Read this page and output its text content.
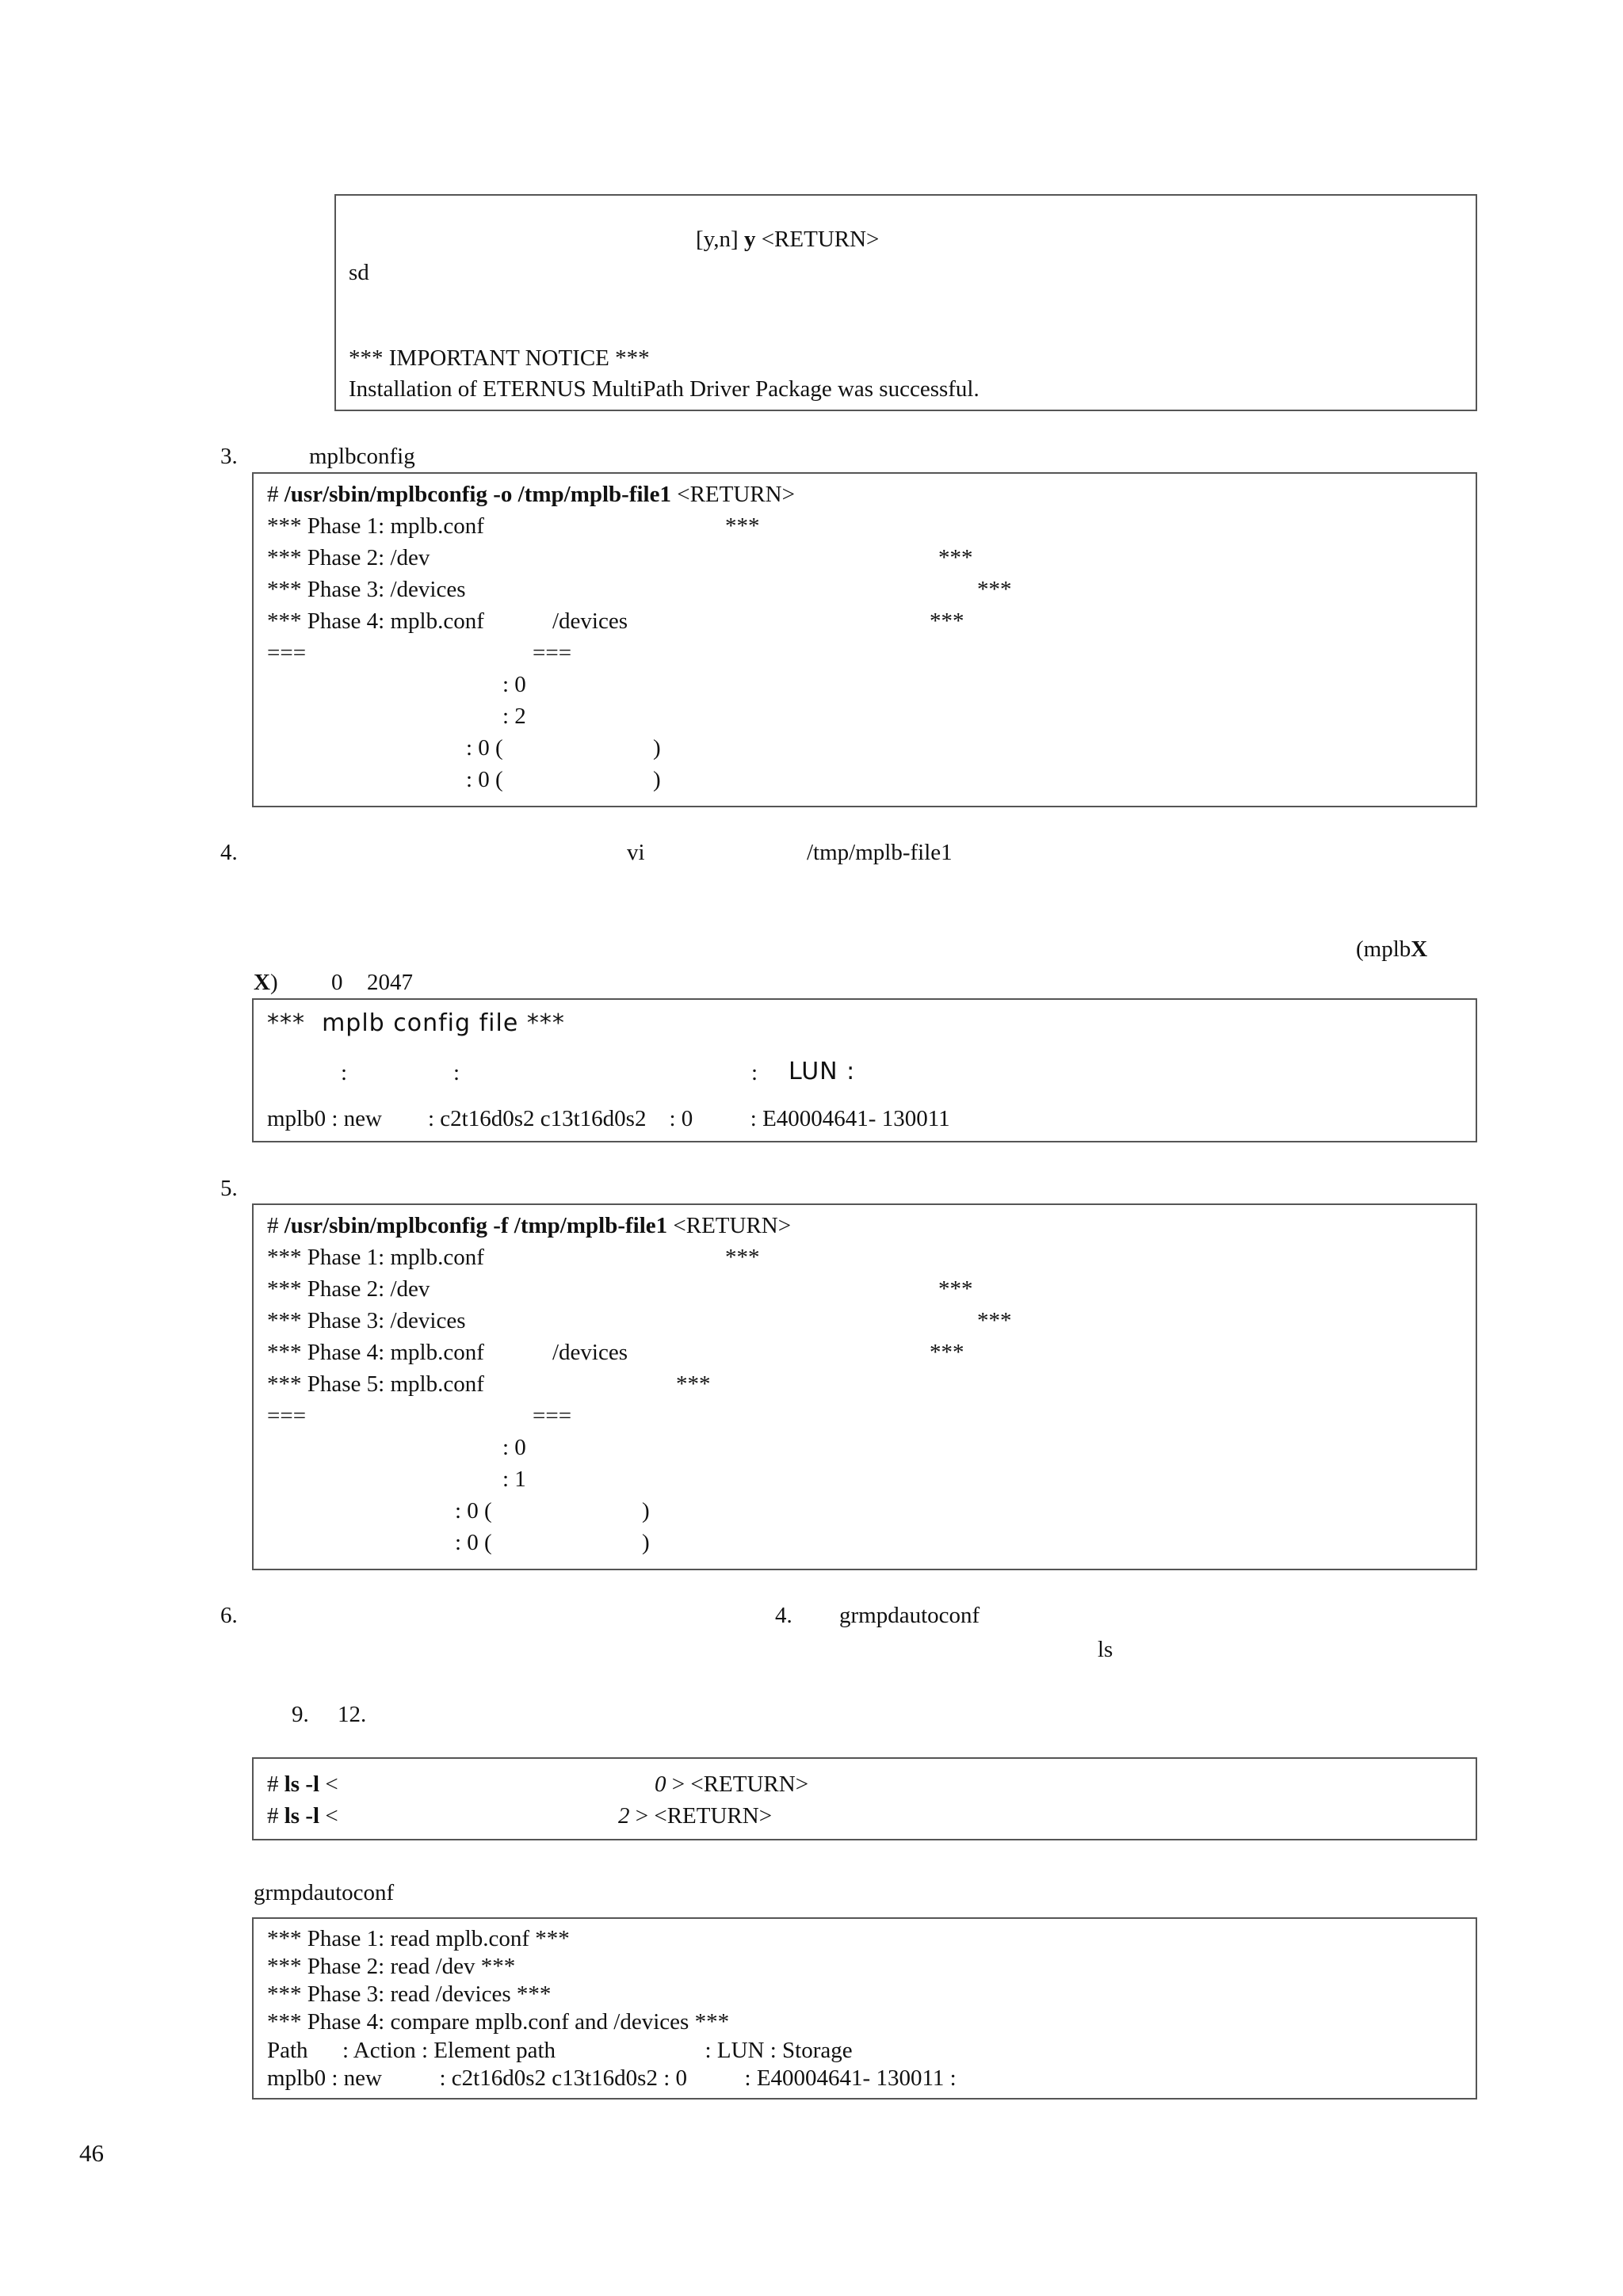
[y,n] y <RETURN>
sd
*** IMPORTANT NOTICE ***
Installation of ETERNUS MultiPath Driver Package was successful.
3.	mplbconfig
# /usr/sbin/mplbconfig -o /tmp/mplb-file1 <RETURN>
*** Phase 1: mplb.conf	***
*** Phase 2: /dev	***
*** Phase 3: /devices	***
*** Phase 4: mplb.conf	/devices	***
===	===
: 0
: 2
: 0 (	)
: 0 (	)
4.	vi	/tmp/mplb-file1
(mplbX
X) 0 2047
***  mplb config file ***
:	:	: LUN :
mplb0 : new        : c2t16d0s2 c13t16d0s2    : 0          : E40004641- 130011
5.
# /usr/sbin/mplbconfig -f /tmp/mplb-file1 <RETURN>
*** Phase 1: mplb.conf	***
*** Phase 2: /dev	***
*** Phase 3: /devices	***
*** Phase 4: mplb.conf	/devices	***
*** Phase 5: mplb.conf	***
===	===
: 0
: 1
: 0 (	)
: 0 (	)
6.	4. grmpdautoconf
ls
9.     12.
# ls -l <	0 > <RETURN>
# ls -l <	2 > <RETURN>
grmpdautoconf
*** Phase 1: read mplb.conf ***
*** Phase 2: read /dev ***
*** Phase 3: read /devices ***
*** Phase 4: compare mplb.conf and /devices ***
Path      : Action : Element path                          : LUN : Storage
mplb0 : new          : c2t16d0s2 c13t16d0s2 : 0          : E40004641- 130011 :
46
